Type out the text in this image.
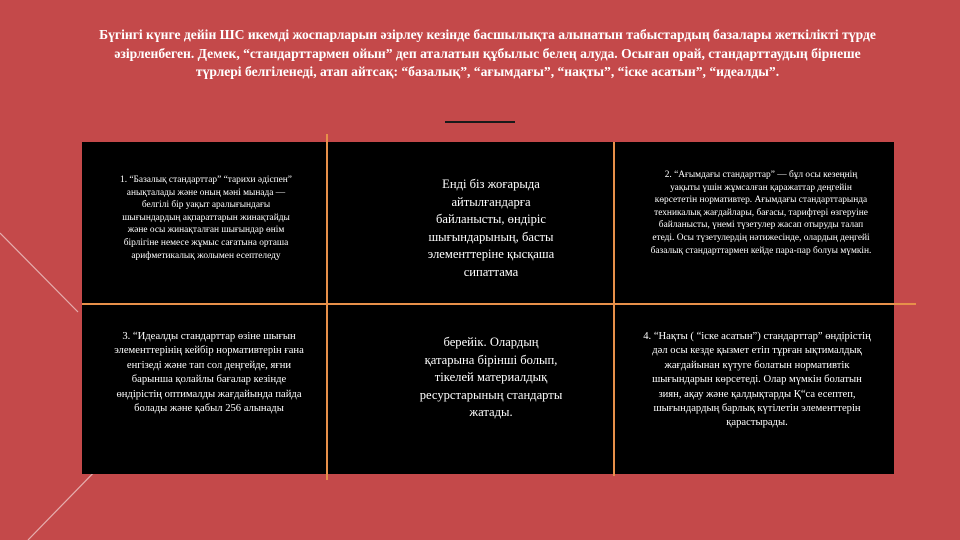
Бүгінгі күнге дейін ШС икемді жоспарларын әзірлеу кезінде басшылықта алынатын табыстардың базалары жеткілікті түрде әзірленбеген. Демек, “стандарттармен ойын” деп аталатын құбылыс белең алуда. Осыған орай, стандарттаудың бірнеше түрлері белгіленеді, атап айтсақ: “базалық”, “ағымдағы”, “нақты”, “іске асатын”, “идеалды”.

1. “Базалық стандарттар” “тарихи әдіспен” анықталады және оның мәні мынада — белгілі бір уақыт аралығындағы шығындардың ақпараттарын жинақтайды және осы жинақталған шығындар өнім бірлігіне немесе жұмыс сағатына орташа арифметикалық жолымен есептеледу
Енді біз жоғарыда айтылғандарға байланысты, өндіріс шығындарының, басты элементтеріне қысқаша сипаттама
2. “Ағымдағы стандарттар” — бұл осы кезеңнің уақыты үшін жұмсалған қаражаттар деңгейін көрсететін нормативтер. Ағымдағы стандарттарында техникалық жағдайлары, бағасы, тарифтері өзгеруіне байланысты, үнемі түзетулер жасап отыруды талап етеді. Осы түзетулердің нәтижесінде, олардың деңгейі базалық стандарттармен кейде пара-пар болуы мүмкін.
3. “Идеалды стандарттар өзіне шығын элементтерінің кейбір нормативтерін ғана енгізеді және тап сол деңгейде, яғни барынша қолайлы бағалар кезінде өндірістің оптималды жағдайында пайда болады және қабыл 256 алынады
берейік. Олардың қатарына бірінші болып, тікелей материалдық ресурстарының стандарты жатады.
4. “Нақты ( “іске асатын”) стандарттар” өндірістің дәл осы кезде қызмет етіп тұрған ықтималдық жағдайынан күтуге болатын нормативтік шығындарын көрсетеді. Олар мүмкін болатын зиян, ақау және қалдықтарды Қ“са есептеп, шығындардың барлық күтілетін элементтерін қарастырады.
